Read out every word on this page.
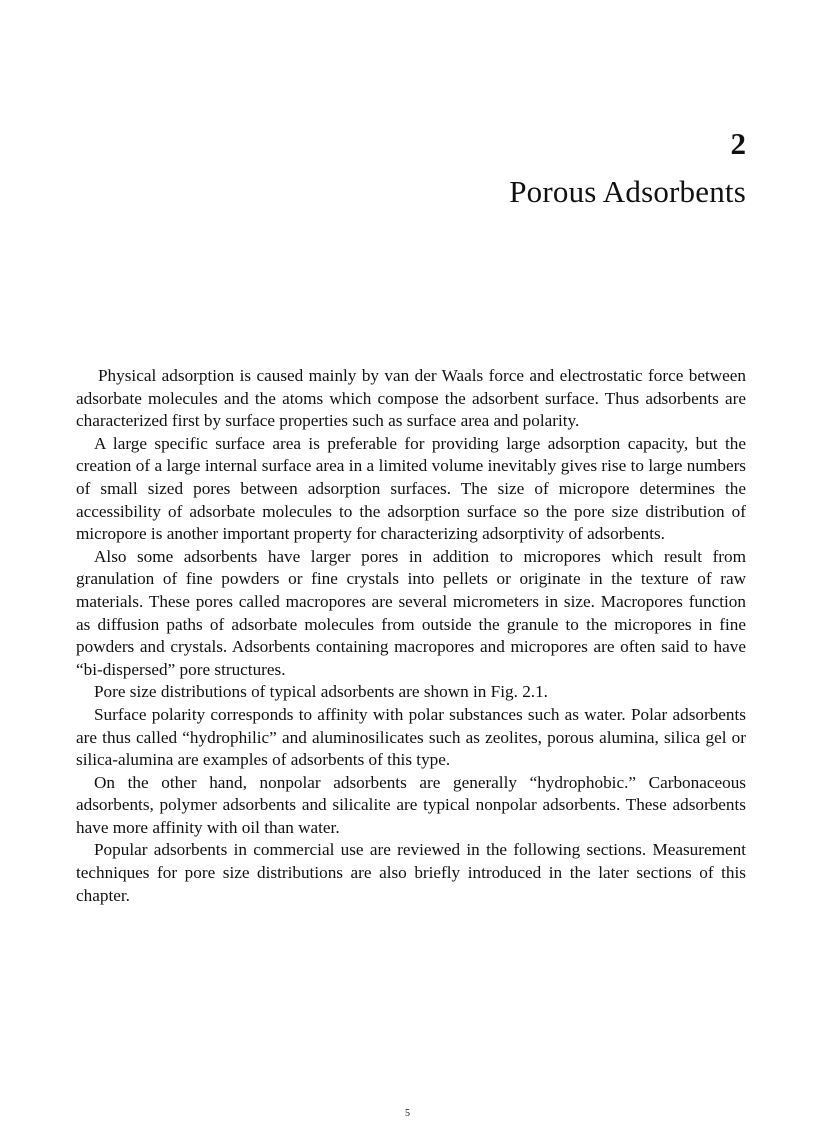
2
Porous Adsorbents

Physical adsorption is caused mainly by van der Waals force and electrostatic force between adsorbate molecules and the atoms which compose the adsorbent surface. Thus adsorbents are characterized first by surface properties such as surface area and polarity.

A large specific surface area is preferable for providing large adsorption capacity, but the creation of a large internal surface area in a limited volume inevitably gives rise to large numbers of small sized pores between adsorption surfaces. The size of micropore determines the accessibility of adsorbate molecules to the adsorption surface so the pore size distribution of micropore is another important property for characterizing adsorptivity of adsorbents.

Also some adsorbents have larger pores in addition to micropores which result from granulation of fine powders or fine crystals into pellets or originate in the texture of raw materials. These pores called macropores are several micrometers in size. Macropores function as diffusion paths of adsorbate molecules from outside the granule to the micropores in fine powders and crystals. Adsorbents containing macropores and micropores are often said to have “bi-dispersed” pore structures.

Pore size distributions of typical adsorbents are shown in Fig. 2.1.

Surface polarity corresponds to affinity with polar substances such as water. Polar adsorbents are thus called “hydrophilic” and aluminosilicates such as zeolites, porous alumina, silica gel or silica-alumina are examples of adsorbents of this type.

On the other hand, nonpolar adsorbents are generally “hydrophobic.” Carbonaceous adsorbents, polymer adsorbents and silicalite are typical nonpolar adsorbents. These adsorbents have more affinity with oil than water.

Popular adsorbents in commercial use are reviewed in the following sections. Measurement techniques for pore size distributions are also briefly introduced in the later sections of this chapter.

5
